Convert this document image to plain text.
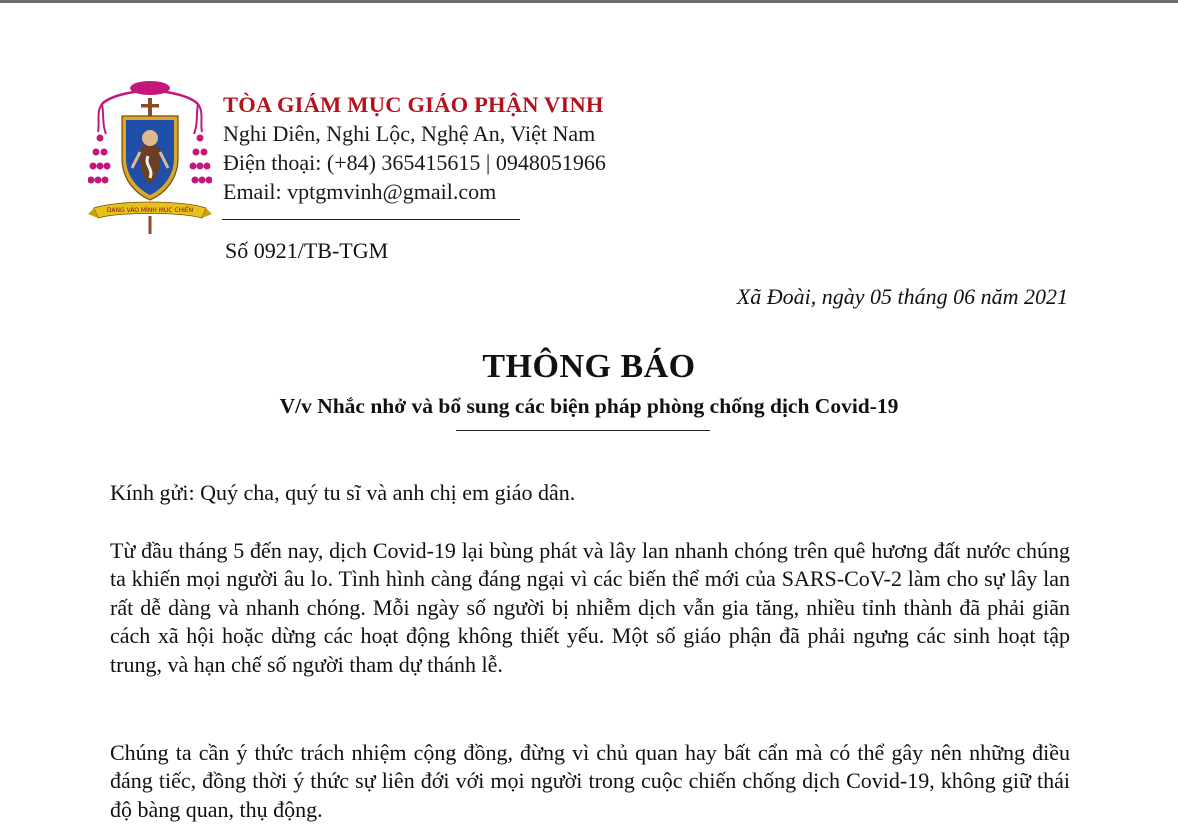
DANG VÀO MÌNH MỤC CHIÊN
TÒA GIÁM MỤC GIÁO PHẬN VINH
Nghi Diên, Nghi Lộc, Nghệ An, Việt Nam
Điện thoại: (+84) 365415615 | 0948051966
Email: vptgmvinh@gmail.com
Số 0921/TB-TGM
Xã Đoài, ngày 05 tháng 06 năm 2021
THÔNG BÁO
V/v Nhắc nhở và bổ sung các biện pháp phòng chống dịch Covid-19
Kính gửi: Quý cha, quý tu sĩ và anh chị em giáo dân.
Từ đầu tháng 5 đến nay, dịch Covid-19 lại bùng phát và lây lan nhanh chóng trên quê hương đất nước chúng ta khiến mọi người âu lo. Tình hình càng đáng ngại vì các biến thể mới của SARS-CoV-2 làm cho sự lây lan rất dễ dàng và nhanh chóng. Mỗi ngày số người bị nhiễm dịch vẫn gia tăng, nhiều tỉnh thành đã phải giãn cách xã hội hoặc dừng các hoạt động không thiết yếu. Một số giáo phận đã phải ngưng các sinh hoạt tập trung, và hạn chế số người tham dự thánh lễ.
Chúng ta cần ý thức trách nhiệm cộng đồng, đừng vì chủ quan hay bất cẩn mà có thể gây nên những điều đáng tiếc, đồng thời ý thức sự liên đới với mọi người trong cuộc chiến chống dịch Covid-19, không giữ thái độ bàng quan, thụ động.
